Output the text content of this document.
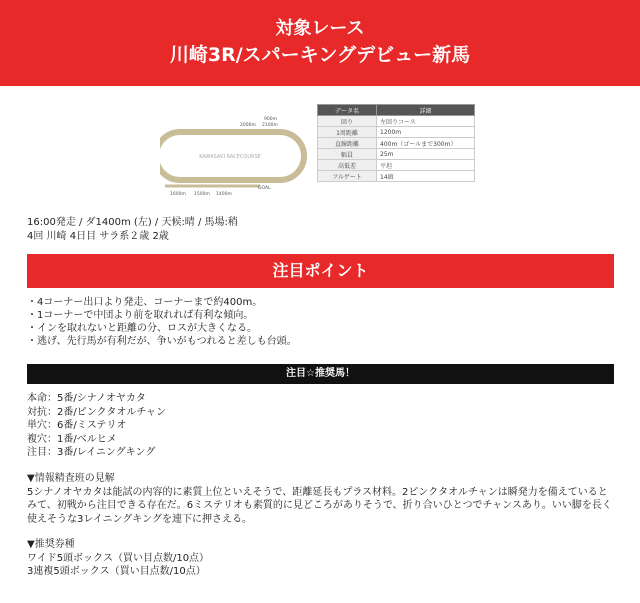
対象レース
川崎3R/スパーキングデビュー新馬
KAWASAKI RACECOURSE
900m
2100m
2000m
GOAL
1600m 1500m 1400m
データ名	詳細
回り	左回りコース
1周距離	1200m
直線距離	400m（ゴールまで300m）
幅員	25m
高低差	平坦
フルゲート	14頭
16:00発走 / ダ1400m (左) / 天候:晴 / 馬場:稍
4回 川崎 4日目 サラ系２歳 2歳
注目ポイント
・4コーナー出口より発走、コーナーまで約400m。
・1コーナーで中団より前を取れれば有利な傾向。
・インを取れないと距離の分、ロスが大きくなる。
・逃げ、先行馬が有利だが、争いがもつれると差しも台頭。
注目☆推奨馬！
本命：5番/シナノオヤカタ
対抗：2番/ピンクタオルチャン
単穴：6番/ミステリオ
複穴：1番/ベルヒメ
注目：3番/レイニングキング
▼情報精査班の見解
5シナノオヤカタは能試の内容的に素質上位といえそうで、距離延長もプラス材料。2ピンクタオルチャンは瞬発力を備えているとみて、初戦から注目できる存在だ。6ミステリオも素質的に見どころがありそうで、折り合いひとつでチャンスあり。いい脚を長く使えそうな3レイニングキングを連下に押さえる。
▼推奨券種
ワイド5頭ボックス（買い目点数/10点）
3連複5頭ボックス（買い目点数/10点）
